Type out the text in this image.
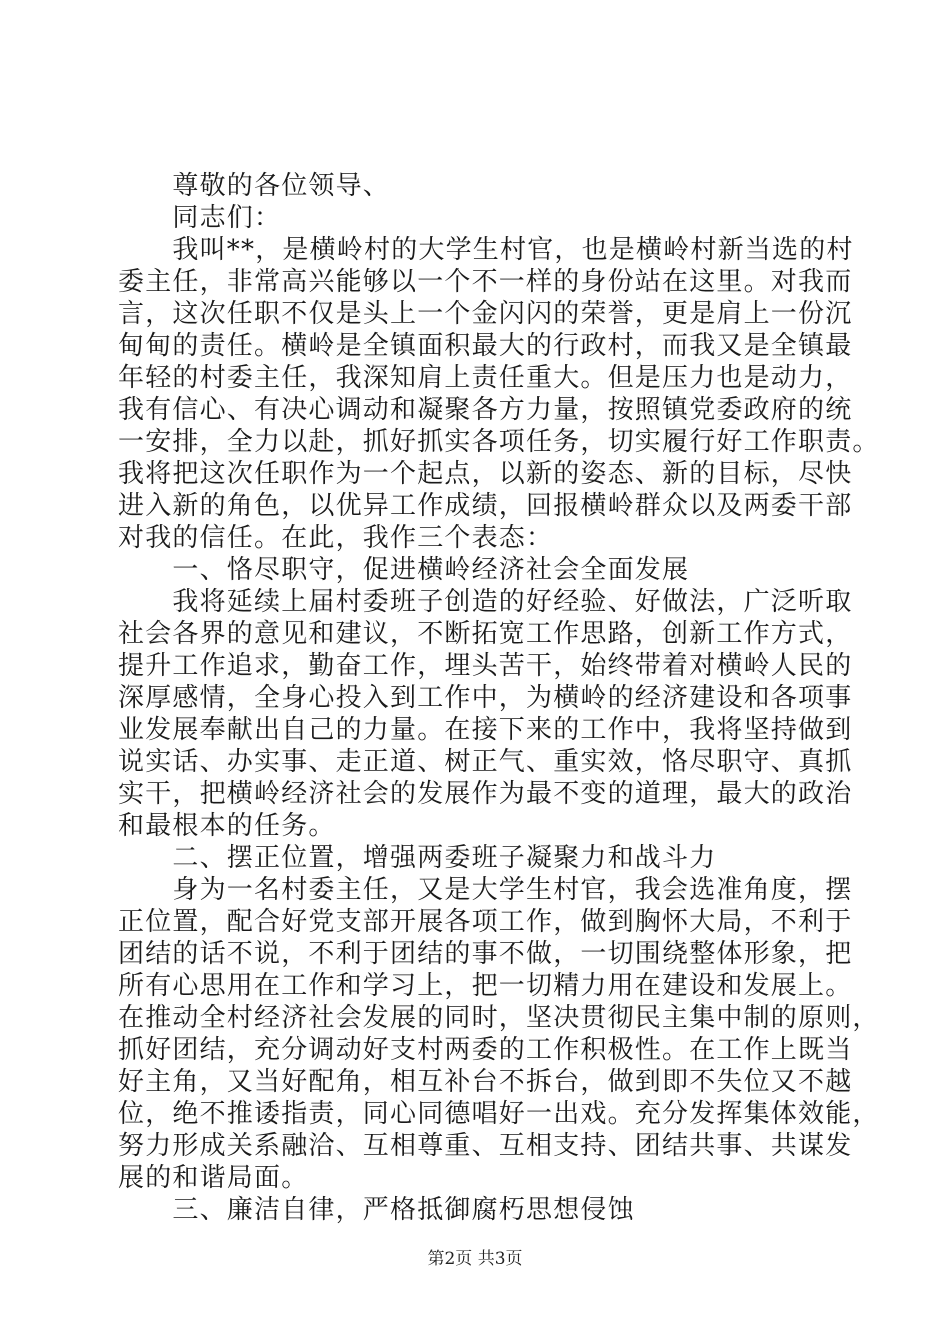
　　尊敬的各位领导、
　　同志们：
　　我叫**，是横岭村的大学生村官，也是横岭村新当选的村
委主任，非常高兴能够以一个不一样的身份站在这里。对我而
言，这次任职不仅是头上一个金闪闪的荣誉，更是肩上一份沉
甸甸的责任。横岭是全镇面积最大的行政村，而我又是全镇最
年轻的村委主任，我深知肩上责任重大。但是压力也是动力，
我有信心、有决心调动和凝聚各方力量，按照镇党委政府的统
一安排，全力以赴，抓好抓实各项任务，切实履行好工作职责。
我将把这次任职作为一个起点，以新的姿态、新的目标，尽快
进入新的角色，以优异工作成绩，回报横岭群众以及两委干部
对我的信任。在此，我作三个表态：
　　一、恪尽职守，促进横岭经济社会全面发展
　　我将延续上届村委班子创造的好经验、好做法，广泛听取
社会各界的意见和建议，不断拓宽工作思路，创新工作方式，
提升工作追求，勤奋工作，埋头苦干，始终带着对横岭人民的
深厚感情，全身心投入到工作中，为横岭的经济建设和各项事
业发展奉献出自己的力量。在接下来的工作中，我将坚持做到
说实话、办实事、走正道、树正气、重实效，恪尽职守、真抓
实干，把横岭经济社会的发展作为最不变的道理，最大的政治
和最根本的任务。
　　二、摆正位置，增强两委班子凝聚力和战斗力
　　身为一名村委主任，又是大学生村官，我会选准角度，摆
正位置，配合好党支部开展各项工作，做到胸怀大局，不利于
团结的话不说，不利于团结的事不做，一切围绕整体形象，把
所有心思用在工作和学习上，把一切精力用在建设和发展上。
在推动全村经济社会发展的同时，坚决贯彻民主集中制的原则，
抓好团结，充分调动好支村两委的工作积极性。在工作上既当
好主角，又当好配角，相互补台不拆台，做到即不失位又不越
位，绝不推诿指责，同心同德唱好一出戏。充分发挥集体效能，
努力形成关系融洽、互相尊重、互相支持、团结共事、共谋发
展的和谐局面。
　　三、廉洁自律，严格抵御腐朽思想侵蚀
第2页 共3页
